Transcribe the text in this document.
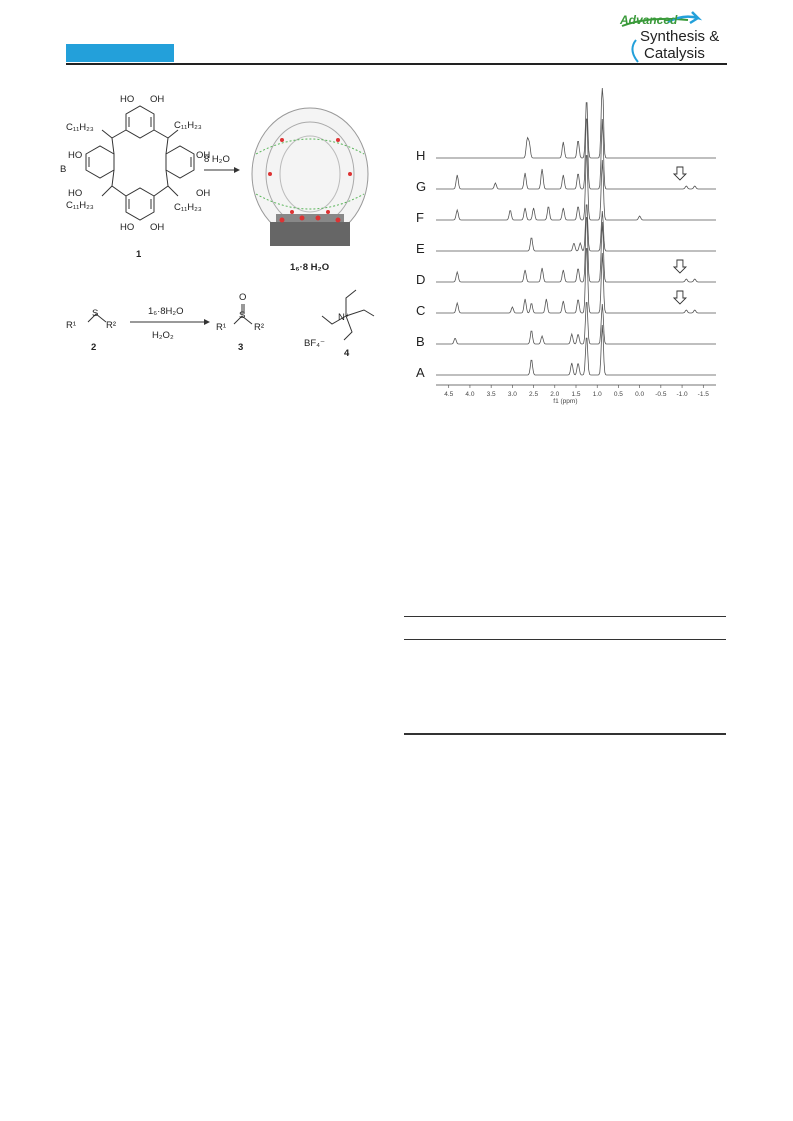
Advanced
Synthesis &
Catalysis
HO OH
C₁₁H₂₃	C₁₁H₂₃
HO	OH
B
HO	OH
C₁₁H₂₃	C₁₁H₂₃
HO OH
1
8 H₂O
1₆·8 H₂O
R¹
S
R²
2
1₆·8H₂O
H₂O₂
O
S
R¹	R²
3
N⁺
BF₄⁻
4
H
G
F
E
D
C
B
A
4.5 4.0 3.5 3.0 2.5 2.0 1.5 1.0 0.5 0.0 -0.5 -1.0 -1.5
f1 (ppm)
